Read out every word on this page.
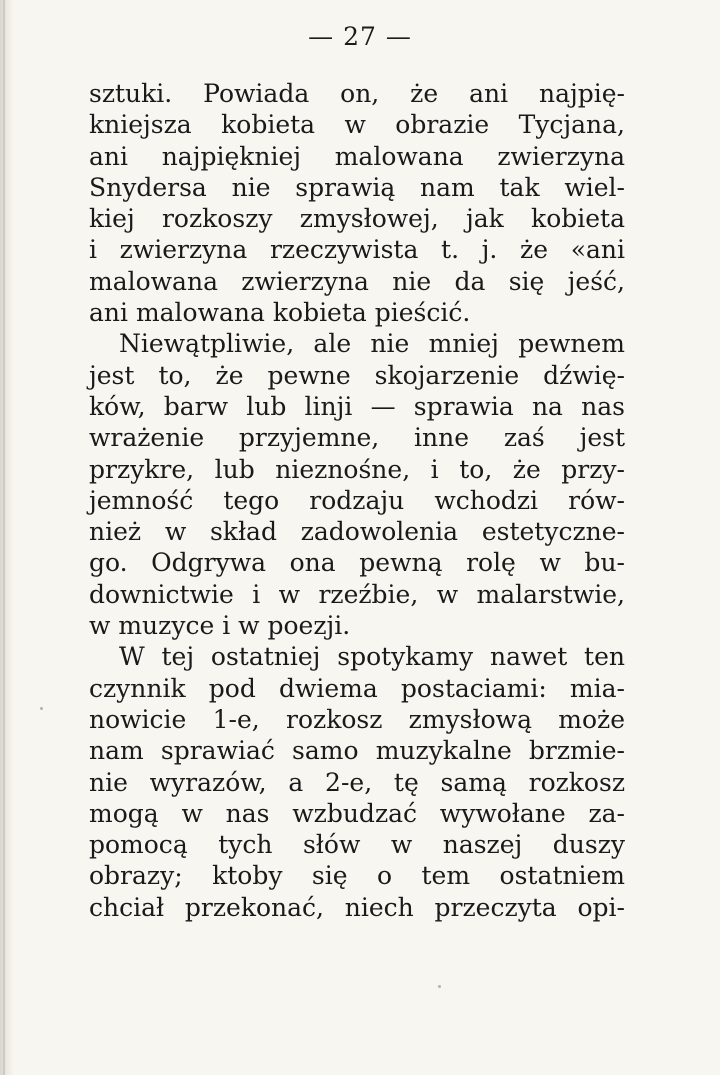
— 27 —
sztuki. Powiada on, że ani najpię-
kniejsza kobieta w obrazie Tycjana,
ani najpiękniej malowana zwierzyna
Snydersa nie sprawią nam tak wiel-
kiej rozkoszy zmysłowej, jak kobieta
i zwierzyna rzeczywista t. j. że «ani
malowana zwierzyna nie da się jeść,
ani malowana kobieta pieścić.
Niewątpliwie, ale nie mniej pewnem
jest to, że pewne skojarzenie dźwię-
ków, barw lub linji — sprawia na nas
wrażenie przyjemne, inne zaś jest
przykre, lub nieznośne, i to, że przy-
jemność tego rodzaju wchodzi rów-
nież w skład zadowolenia estetyczne-
go. Odgrywa ona pewną rolę w bu-
downictwie i w rzeźbie, w malarstwie,
w muzyce i w poezji.
W tej ostatniej spotykamy nawet ten
czynnik pod dwiema postaciami: mia-
nowicie 1-e, rozkosz zmysłową może
nam sprawiać samo muzykalne brzmie-
nie wyrazów, a 2-e, tę samą rozkosz
mogą w nas wzbudzać wywołane za-
pomocą tych słów w naszej duszy
obrazy; ktoby się o tem ostatniem
chciał przekonać, niech przeczyta opi-
